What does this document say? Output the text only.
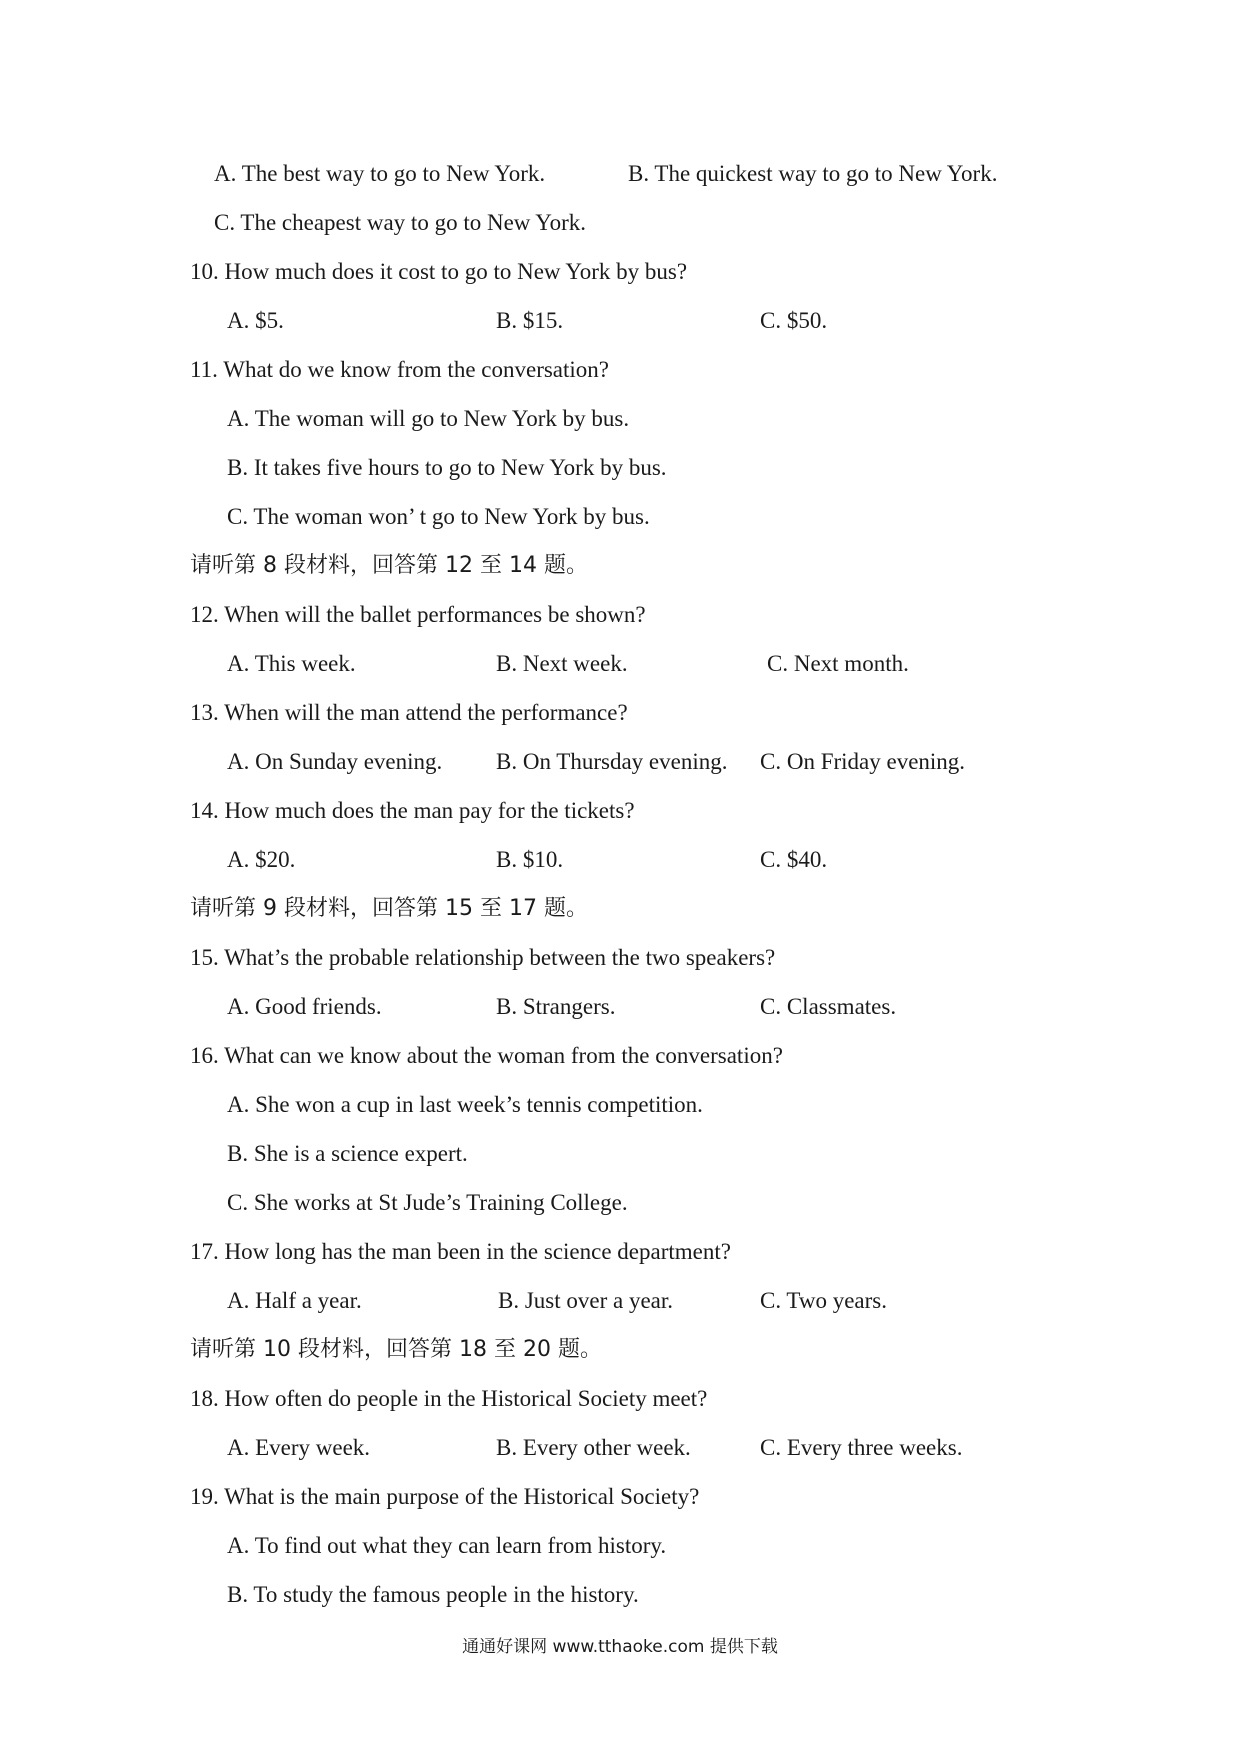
A. The best way to go to New York.	B. The quickest way to go to New York.
C. The cheapest way to go to New York.
10. How much does it cost to go to New York by bus?
A. $5.	B. $15.	C. $50.
11. What do we know from the conversation?
A. The woman will go to New York by bus.
B. It takes five hours to go to New York by bus.
C. The woman won’ t go to New York by bus.
请听第 8 段材料，回答第 12 至 14 题。
12. When will the ballet performances be shown?
A. This week.	B. Next week.	C. Next month.
13. When will the man attend the performance?
A. On Sunday evening. B. On Thursday evening. C. On Friday evening.
14. How much does the man pay for the tickets?
A. $20.	B. $10.	C. $40.
请听第 9 段材料，回答第 15 至 17 题。
15. What’s the probable relationship between the two speakers?
A. Good friends.	B. Strangers.	C. Classmates.
16. What can we know about the woman from the conversation?
A. She won a cup in last week’s tennis competition.
B. She is a science expert.
C. She works at St Jude’s Training College.
17. How long has the man been in the science department?
A. Half a year.	B. Just over a year.	C. Two years.
请听第 10 段材料，回答第 18 至 20 题。
18. How often do people in the Historical Society meet?
A. Every week.	B. Every other week.	C. Every three weeks.
19. What is the main purpose of the Historical Society?
A. To find out what they can learn from history.
B. To study the famous people in the history.
通通好课网 www.tthaoke.com 提供下载
